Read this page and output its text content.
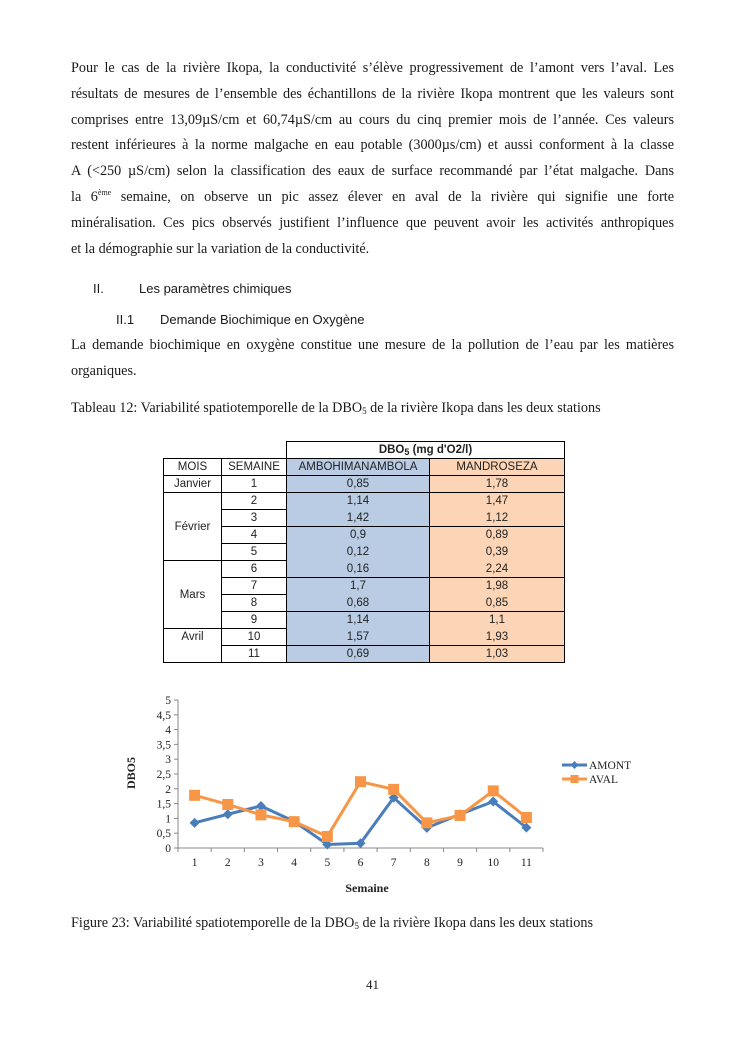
Pour le cas de la rivière Ikopa, la conductivité s’élève progressivement de l’amont vers l’aval. Les
résultats de mesures de l’ensemble des échantillons de la rivière Ikopa montrent que les valeurs sont
comprises entre 13,09µS/cm et 60,74µS/cm au cours du cinq premier mois de l’année. Ces valeurs
restent inférieures à la norme malgache en eau potable (3000µs/cm) et aussi conforment à la classe
A (<250 µS/cm) selon la classification des eaux de surface recommandé par l’état malgache. Dans
la 6ème semaine, on observe un pic assez élever en aval de la rivière qui signifie une forte
minéralisation. Ces pics observés justifient l’influence que peuvent avoir les activités anthropiques
et la démographie sur la variation de la conductivité.
II.	Les paramètres chimiques
II.1 Demande Biochimique en Oxygène
La demande biochimique en oxygène constitue une mesure de la pollution de l’eau par les matières
organiques.
Tableau 12: Variabilité spatiotemporelle de la $DBO_5$ de la rivière Ikopa dans les deux stations
		$DBO_5$ (mg d'O2/l)	
MOIS	SEMAINE	AMBOHIMANAMBOLA	MANDROSEZA
Janvier	1	0,85	1,78
Février	2	1,14	1,47
	3	1,42	1,12
	4	0,9	0,89
	5	0,12	0,39
Mars	6	0,16	2,24
	7	1,7	1,98
	8	0,68	0,85
	9	1,14	1,1
Avril	10	1,57	1,93
	11	0,69	1,03
0
0,5
1
1,5
2
2,5
3
3,5
4
4,5
5
1 2 3 4 5 6 7 8 9 10 11
DBO5
Semaine
AMONT
AVAL
Figure 23: Variabilité spatiotemporelle de la $DBO_5$ de la rivière Ikopa dans les deux stations
41
